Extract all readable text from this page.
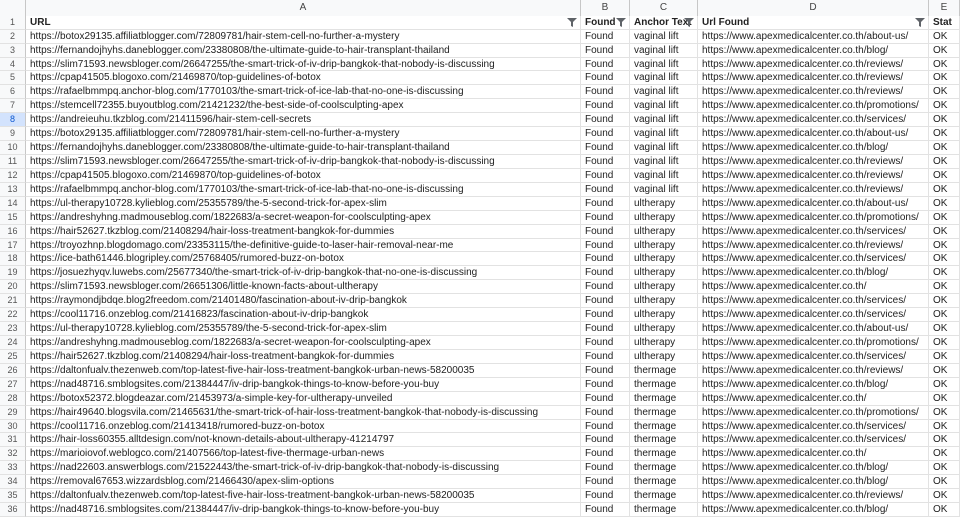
A	B	C	D	E
1	URL	Found	Anchor Text	Url Found	Stat
2	https://botox29135.affiliatblogger.com/72809781/hair-stem-cell-no-further-a-mystery	Found	vaginal lift	https://www.apexmedicalcenter.co.th/about-us/	OK
3	https://fernandojhyhs.daneblogger.com/23380808/the-ultimate-guide-to-hair-transplant-thailand	Found	vaginal lift	https://www.apexmedicalcenter.co.th/blog/	OK
4	https://slim71593.newsbloger.com/26647255/the-smart-trick-of-iv-drip-bangkok-that-nobody-is-discussing	Found	vaginal lift	https://www.apexmedicalcenter.co.th/reviews/	OK
5	https://cpap41505.blogoxo.com/21469870/top-guidelines-of-botox	Found	vaginal lift	https://www.apexmedicalcenter.co.th/reviews/	OK
6	https://rafaelbmmpq.anchor-blog.com/1770103/the-smart-trick-of-ice-lab-that-no-one-is-discussing	Found	vaginal lift	https://www.apexmedicalcenter.co.th/reviews/	OK
7	https://stemcell72355.buyoutblog.com/21421232/the-best-side-of-coolsculpting-apex	Found	vaginal lift	https://www.apexmedicalcenter.co.th/promotions/	OK
8	https://andreieuhu.tkzblog.com/21411596/hair-stem-cell-secrets	Found	vaginal lift	https://www.apexmedicalcenter.co.th/services/	OK
9	https://botox29135.affiliatblogger.com/72809781/hair-stem-cell-no-further-a-mystery	Found	vaginal lift	https://www.apexmedicalcenter.co.th/about-us/	OK
10	https://fernandojhyhs.daneblogger.com/23380808/the-ultimate-guide-to-hair-transplant-thailand	Found	vaginal lift	https://www.apexmedicalcenter.co.th/blog/	OK
11	https://slim71593.newsbloger.com/26647255/the-smart-trick-of-iv-drip-bangkok-that-nobody-is-discussing	Found	vaginal lift	https://www.apexmedicalcenter.co.th/reviews/	OK
12	https://cpap41505.blogoxo.com/21469870/top-guidelines-of-botox	Found	vaginal lift	https://www.apexmedicalcenter.co.th/reviews/	OK
13	https://rafaelbmmpq.anchor-blog.com/1770103/the-smart-trick-of-ice-lab-that-no-one-is-discussing	Found	vaginal lift	https://www.apexmedicalcenter.co.th/reviews/	OK
14	https://ul-therapy10728.kylieblog.com/25355789/the-5-second-trick-for-apex-slim	Found	ultherapy	https://www.apexmedicalcenter.co.th/about-us/	OK
15	https://andreshyhng.madmouseblog.com/1822683/a-secret-weapon-for-coolsculpting-apex	Found	ultherapy	https://www.apexmedicalcenter.co.th/promotions/	OK
16	https://hair52627.tkzblog.com/21408294/hair-loss-treatment-bangkok-for-dummies	Found	ultherapy	https://www.apexmedicalcenter.co.th/services/	OK
17	https://troyozhnp.blogdomago.com/23353115/the-definitive-guide-to-laser-hair-removal-near-me	Found	ultherapy	https://www.apexmedicalcenter.co.th/reviews/	OK
18	https://ice-bath61446.blogripley.com/25768405/rumored-buzz-on-botox	Found	ultherapy	https://www.apexmedicalcenter.co.th/services/	OK
19	https://josuezhyqv.luwebs.com/25677340/the-smart-trick-of-iv-drip-bangkok-that-no-one-is-discussing	Found	ultherapy	https://www.apexmedicalcenter.co.th/blog/	OK
20	https://slim71593.newsbloger.com/26651306/little-known-facts-about-ultherapy	Found	ultherapy	https://www.apexmedicalcenter.co.th/	OK
21	https://raymondjbdqe.blog2freedom.com/21401480/fascination-about-iv-drip-bangkok	Found	ultherapy	https://www.apexmedicalcenter.co.th/services/	OK
22	https://cool11716.onzeblog.com/21416823/fascination-about-iv-drip-bangkok	Found	ultherapy	https://www.apexmedicalcenter.co.th/services/	OK
23	https://ul-therapy10728.kylieblog.com/25355789/the-5-second-trick-for-apex-slim	Found	ultherapy	https://www.apexmedicalcenter.co.th/about-us/	OK
24	https://andreshyhng.madmouseblog.com/1822683/a-secret-weapon-for-coolsculpting-apex	Found	ultherapy	https://www.apexmedicalcenter.co.th/promotions/	OK
25	https://hair52627.tkzblog.com/21408294/hair-loss-treatment-bangkok-for-dummies	Found	ultherapy	https://www.apexmedicalcenter.co.th/services/	OK
26	https://daltonfualv.thezenweb.com/top-latest-five-hair-loss-treatment-bangkok-urban-news-58200035	Found	thermage	https://www.apexmedicalcenter.co.th/reviews/	OK
27	https://nad48716.smblogsites.com/21384447/iv-drip-bangkok-things-to-know-before-you-buy	Found	thermage	https://www.apexmedicalcenter.co.th/blog/	OK
28	https://botox52372.blogdeazar.com/21453973/a-simple-key-for-ultherapy-unveiled	Found	thermage	https://www.apexmedicalcenter.co.th/	OK
29	https://hair49640.blogsvila.com/21465631/the-smart-trick-of-hair-loss-treatment-bangkok-that-nobody-is-discussing	Found	thermage	https://www.apexmedicalcenter.co.th/promotions/	OK
30	https://cool11716.onzeblog.com/21413418/rumored-buzz-on-botox	Found	thermage	https://www.apexmedicalcenter.co.th/services/	OK
31	https://hair-loss60355.alltdesign.com/not-known-details-about-ultherapy-41214797	Found	thermage	https://www.apexmedicalcenter.co.th/services/	OK
32	https://marioiovof.weblogco.com/21407566/top-latest-five-thermage-urban-news	Found	thermage	https://www.apexmedicalcenter.co.th/	OK
33	https://nad22603.answerblogs.com/21522443/the-smart-trick-of-iv-drip-bangkok-that-nobody-is-discussing	Found	thermage	https://www.apexmedicalcenter.co.th/blog/	OK
34	https://removal67653.wizzardsblog.com/21466430/apex-slim-options	Found	thermage	https://www.apexmedicalcenter.co.th/blog/	OK
35	https://daltonfualv.thezenweb.com/top-latest-five-hair-loss-treatment-bangkok-urban-news-58200035	Found	thermage	https://www.apexmedicalcenter.co.th/reviews/	OK
36	https://nad48716.smblogsites.com/21384447/iv-drip-bangkok-things-to-know-before-you-buy	Found	thermage	https://www.apexmedicalcenter.co.th/blog/	OK
